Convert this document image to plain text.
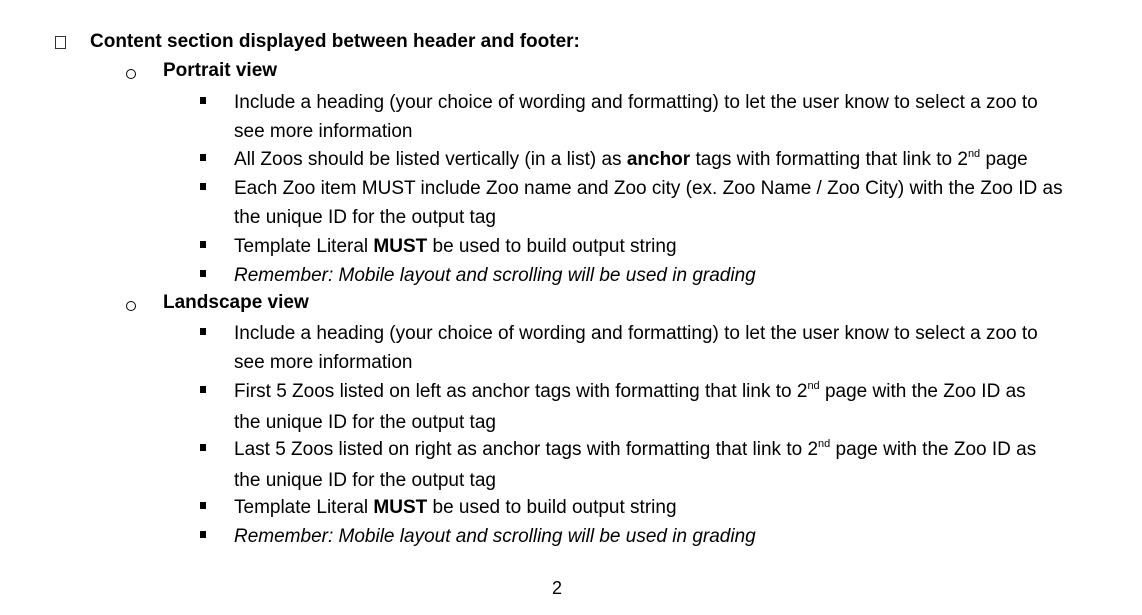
Content section displayed between header and footer:
Portrait view
Include a heading (your choice of wording and formatting) to let the user know to select a zoo to
see more information
All Zoos should be listed vertically (in a list) as anchor tags with formatting that link to 2nd page
Each Zoo item MUST include Zoo name and Zoo city (ex. Zoo Name / Zoo City) with the Zoo ID as
the unique ID for the output tag
Template Literal MUST be used to build output string
Remember: Mobile layout and scrolling will be used in grading
Landscape view
Include a heading (your choice of wording and formatting) to let the user know to select a zoo to
see more information
First 5 Zoos listed on left as anchor tags with formatting that link to 2nd page with the Zoo ID as
the unique ID for the output tag
Last 5 Zoos listed on right as anchor tags with formatting that link to 2nd page with the Zoo ID as
the unique ID for the output tag
Template Literal MUST be used to build output string
Remember: Mobile layout and scrolling will be used in grading
2
